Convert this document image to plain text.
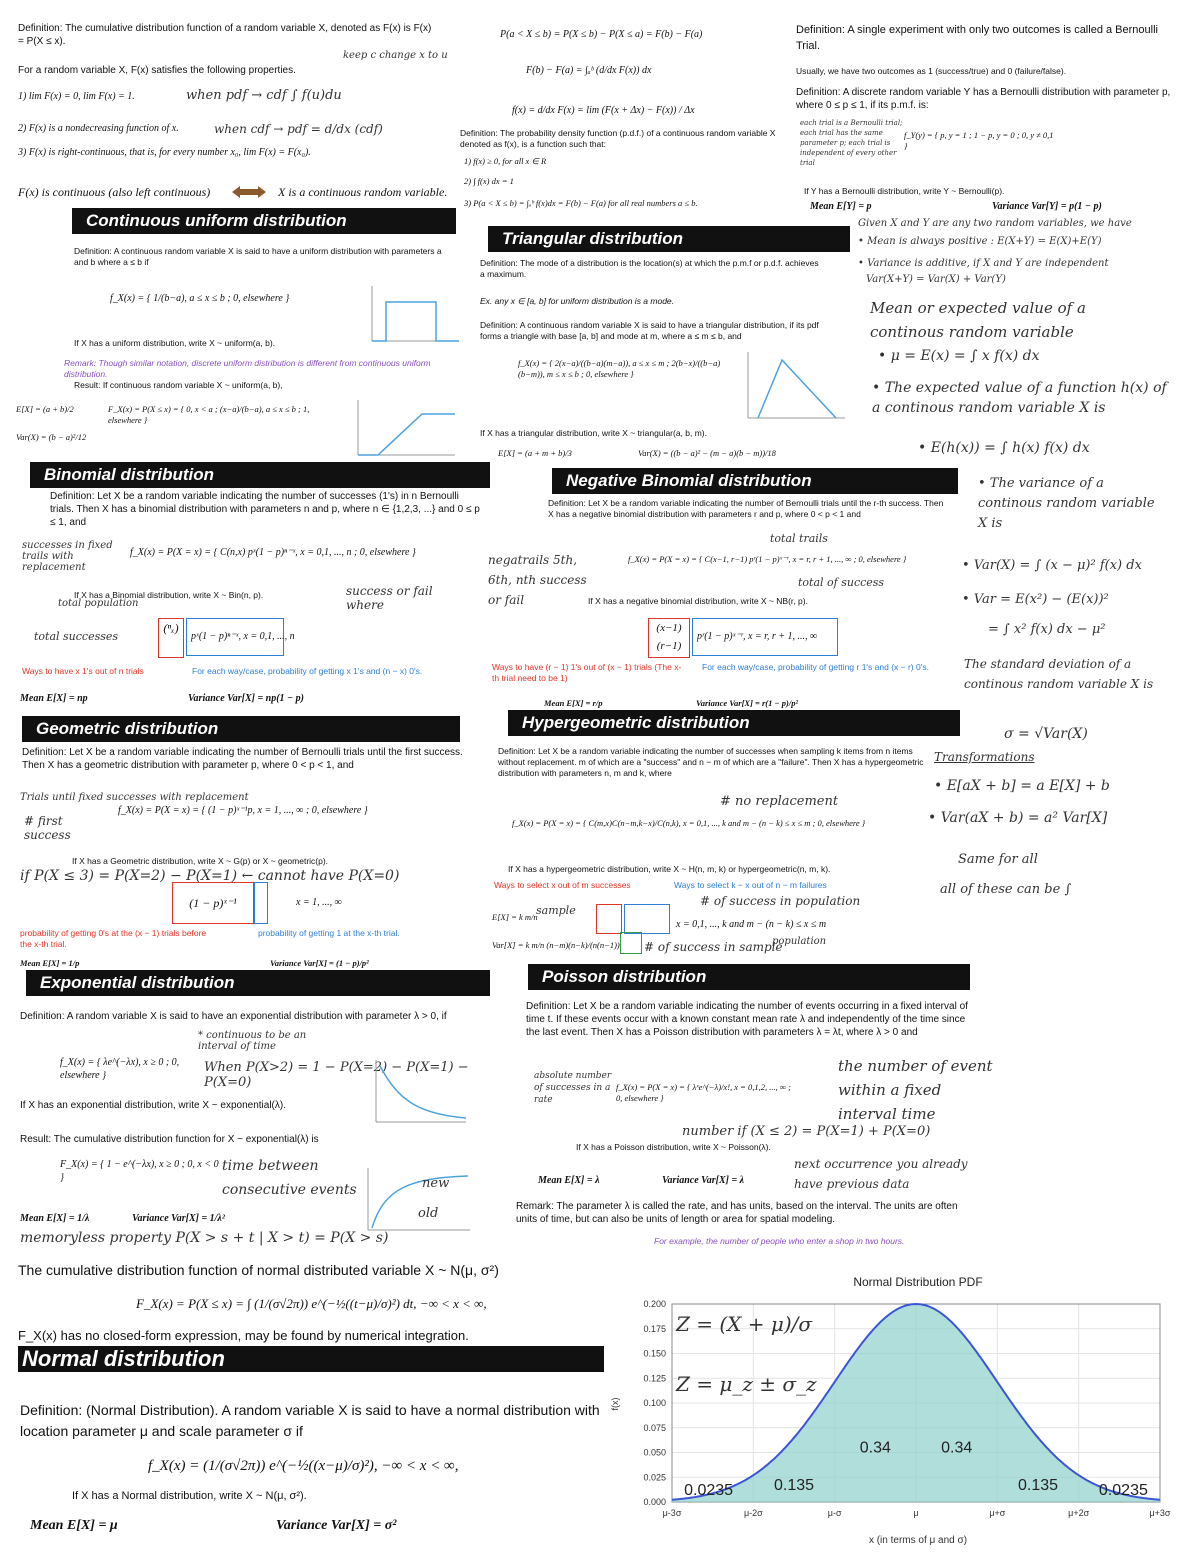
Definition: The cumulative distribution function of a random variable X, denoted as F(x) is F(x) = P(X ≤ x).
For a random variable X, F(x) satisfies the following properties.
1) lim F(x) = 0, lim F(x) = 1.
2) F(x) is a nondecreasing function of x.
3) F(x) is right-continuous, that is, for every number x₀, lim F(x) = F(x₀).
F(x) is continuous (also left continuous)	X is a continuous random variable.
when pdf → cdf ∫ f(u)du
keep c change x to u
when cdf → pdf = d/dx (cdf)
P(a < X ≤ b) = P(X ≤ b) − P(X ≤ a) = F(b) − F(a)
F(b) − F(a) = ∫ₐᵇ (d/dx F(x)) dx
f(x) = d/dx F(x) = lim (F(x + Δx) − F(x)) / Δx
Definition: The probability density function (p.d.f.) of a continuous random variable X denoted as f(x), is a function such that:
1) f(x) ≥ 0, for all x ∈ R
2) ∫ f(x) dx = 1
3) P(a < X ≤ b) = ∫ₐᵇ f(x)dx = F(b) − F(a) for all real numbers a ≤ b.
Definition: A single experiment with only two outcomes is called a Bernoulli Trial.
Usually, we have two outcomes as 1 (success/true) and 0 (failure/false).
Definition: A discrete random variable Y has a Bernoulli distribution with parameter p, where 0 ≤ p ≤ 1, if its p.m.f. is:
each trial is a Bernoulli trial; each trial has the same parameter p; each trial is independent of every other trial
f_Y(y) = { p, y = 1 ; 1 − p, y = 0 ; 0, y ≠ 0,1 }
If Y has a Bernoulli distribution, write Y ~ Bernoulli(p).
Mean E[Y] = p	Variance Var[Y] = p(1 − p)
Given X and Y are any two random variables, we have
• Mean is always positive : E(X+Y) = E(X)+E(Y)
• Variance is additive, if X and Y are independent
Var(X+Y) = Var(X) + Var(Y)
Mean or expected value of a continous random variable
• μ = E(x) = ∫ x f(x) dx
• The expected value of a function h(x) of a continous random variable X is
• E(h(x)) = ∫ h(x) f(x) dx
• The variance of a continous random variable X is
• Var(X) = ∫ (x − μ)² f(x) dx
• Var = E(x²) − (E(x))²
= ∫ x² f(x) dx − μ²
The standard deviation of a continous random variable X is
σ = √Var(X)
Transformations
• E[aX + b] = a E[X] + b
• Var(aX + b) = a² Var[X]
Same for all
all of these can be ∫
Continuous uniform distribution
Definition: A continuous random variable X is said to have a uniform distribution with parameters a and b where a ≤ b if
f_X(x) = { 1/(b−a), a ≤ x ≤ b ; 0, elsewhere }
If X has a uniform distribution, write X ~ uniform(a, b).
Remark: Though similar notation, discrete uniform distribution is different from continuous uniform distribution.
Result: If continuous random variable X ~ uniform(a, b),
E[X] = (a + b)/2
Var(X) = (b − a)²/12
F_X(x) = P(X ≤ x) = { 0, x < a ; (x−a)/(b−a), a ≤ x ≤ b ; 1, elsewhere }
Triangular distribution
Definition: The mode of a distribution is the location(s) at which the p.m.f or p.d.f. achieves a maximum.
Ex. any x ∈ [a, b] for uniform distribution is a mode.
Definition: A continuous random variable X is said to have a triangular distribution, if its pdf forms a triangle with base [a, b] and mode at m, where a ≤ m ≤ b, and
f_X(x) = { 2(x−a)/((b−a)(m−a)), a ≤ x ≤ m ; 2(b−x)/((b−a)(b−m)), m ≤ x ≤ b ; 0, elsewhere }
If X has a triangular distribution, write X ~ triangular(a, b, m).
E[X] = (a + m + b)/3	Var(X) = ((b − a)² − (m − a)(b − m))/18
Binomial distribution
Definition: Let X be a random variable indicating the number of successes (1's) in n Bernoulli trials. Then X has a binomial distribution with parameters n and p, where n ∈ {1,2,3, ...} and 0 ≤ p ≤ 1, and
successes in fixed trails with replacement
f_X(x) = P(X = x) = { C(n,x) pˣ(1 − p)ⁿ⁻ˣ, x = 0,1, ..., n ; 0, elsewhere }
If X has a Binomial distribution, write X ~ Bin(n, p).
total population
total successes
success or fail where
(ⁿₓ)
pˣ(1 − p)ⁿ⁻ˣ, x = 0,1, ..., n
Ways to have x 1's out of n trials	For each way/case, probability of getting x 1's and (n − x) 0's.
Mean E[X] = np	Variance Var[X] = np(1 − p)
Negative Binomial distribution
Definition: Let X be a random variable indicating the number of Bernoulli trials until the r-th success. Then X has a negative binomial distribution with parameters r and p, where 0 < p < 1 and
negatrails 5th, 6th, nth success or fail
f_X(x) = P(X = x) = { C(x−1, r−1) pʳ(1 − p)ˣ⁻ʳ, x = r, r + 1, ..., ∞ ; 0, elsewhere }
total trails
total of success
If X has a negative binomial distribution, write X ~ NB(r, p).
(x−1)
(r−1)
pʳ(1 − p)ˣ⁻ʳ, x = r, r + 1, ..., ∞
Ways to have (r − 1) 1's out of (x − 1) trials (The x-th trial need to be 1)
For each way/case, probability of getting r 1's and (x − r) 0's.
Mean E[X] = r/p	Variance Var[X] = r(1 − p)/p²
Geometric distribution
Definition: Let X be a random variable indicating the number of Bernoulli trials until the first success. Then X has a geometric distribution with parameter p, where 0 < p < 1, and
Trials until fixed successes with replacement
# first success
f_X(x) = P(X = x) = { (1 − p)ˣ⁻¹p, x = 1, ..., ∞ ; 0, elsewhere }
If X has a Geometric distribution, write X ~ G(p) or X ~ geometric(p).
if P(X ≤ 3) = P(X=2) − P(X=1) ← cannot have P(X=0)
(1 − p)ˣ⁻¹	x = 1, ..., ∞
probability of getting 0's at the (x − 1) trials before the x-th trial.
probability of getting 1 at the x-th trial.
Mean E[X] = 1/p	Variance Var[X] = (1 − p)/p²
Hypergeometric distribution
Definition: Let X be a random variable indicating the number of successes when sampling k items from n items without replacement. m of which are a "success" and n − m of which are a "failure". Then X has a hypergeometric distribution with parameters n, m and k, where
# no replacement
f_X(x) = P(X = x) = { C(m,x)C(n−m,k−x)/C(n,k), x = 0,1, ..., k and m − (n − k) ≤ x ≤ m ; 0, elsewhere }
If X has a hypergeometric distribution, write X ~ H(n, m, k) or hypergeometric(n, m, k).
Ways to select x out of m successes	Ways to select k − x out of n − m failures
# of success in population
E[X] = k m/n
sample
x = 0,1, ..., k and m − (n − k) ≤ x ≤ m
Var[X] = k m/n (n−m)(n−k)/(n(n−1)) # of success in sample
population
Exponential distribution
Definition: A random variable X is said to have an exponential distribution with parameter λ > 0, if
* continuous to be an interval of time
f_X(x) = { λe^(−λx), x ≥ 0 ; 0, elsewhere }
When P(X>2) = 1 − P(X=2) − P(X=1) − P(X=0)
If X has an exponential distribution, write X ~ exponential(λ).
Result: The cumulative distribution function for X ~ exponential(λ) is
F_X(x) = { 1 − e^(−λx), x ≥ 0 ; 0, x < 0 }
time between consecutive events	new
old
Mean E[X] = 1/λ	Variance Var[X] = 1/λ²
memoryless property P(X > s + t | X > t) = P(X > s)
Poisson distribution
Definition: Let X be a random variable indicating the number of events occurring in a fixed interval of time t. If these events occur with a known constant mean rate λ and independently of the time since the last event. Then X has a Poisson distribution with parameters λ = λt, where λ > 0 and
absolute number of successes in a rate
f_X(x) = P(X = x) = { λˣe^(−λ)/x!, x = 0,1,2, ..., ∞ ; 0, elsewhere }
the number of event within a fixed interval time
If X has a Poisson distribution, write X ~ Poisson(λ).
number if (X ≤ 2) = P(X=1) + P(X=0)
next occurrence you already have previous data
Mean E[X] = λ	Variance Var[X] = λ
Remark: The parameter λ is called the rate, and has units, based on the interval. The units are often units of time, but can also be units of length or area for spatial modeling.
For example, the number of people who enter a shop in two hours.
The cumulative distribution function of normal distributed variable X ~ N(μ, σ²)
F_X(x) = P(X ≤ x) = ∫ (1/(σ√2π)) e^(−½((t−μ)/σ)²) dt, −∞ < x < ∞,
F_X(x) has no closed-form expression, may be found by numerical integration.
Normal distribution
Definition: (Normal Distribution). A random variable X is said to have a normal distribution with location parameter μ and scale parameter σ if
f_X(x) = (1/(σ√2π)) e^(−½((x−μ)/σ)²), −∞ < x < ∞,
If X has a Normal distribution, write X ~ N(μ, σ²).
Mean E[X] = μ	Variance Var[X] = σ²
Normal Distribution PDF
f(x)
x (in terms of μ and σ)
0.000
0.025
0.050
0.075
0.100
0.125
0.150
0.175
0.200
μ-3σ	μ-2σ	μ-σ	μ	μ+σ	μ+2σ	μ+3σ
0.0235	0.135
0.34	0.34
0.135	0.0235
Z = (X + μ)/σ
Z = μ_z ± σ_z
